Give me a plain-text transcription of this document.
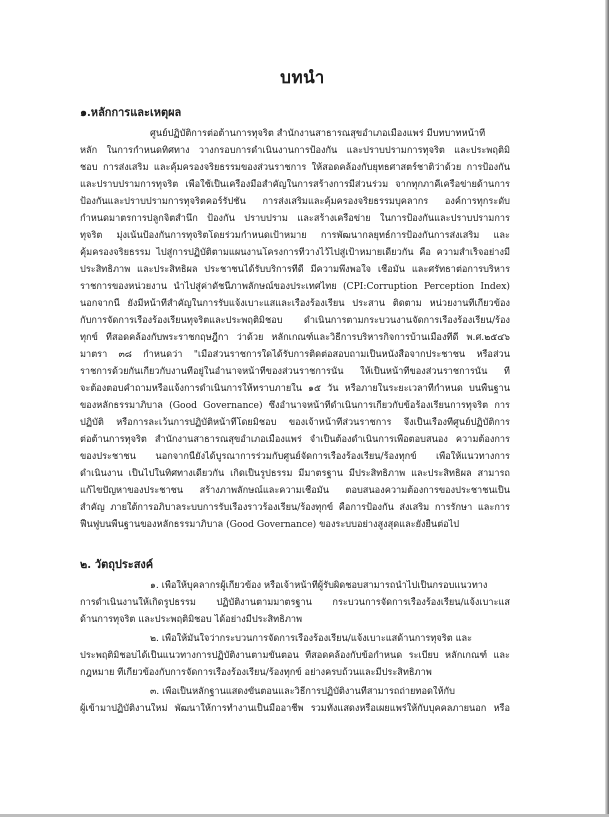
บทนำ
๑.หลักการและเหตุผล
ศูนย์ปฏิบัติการต่อต้านการทุจริต สำนักงานสาธารณสุขอำเภอเมืองแพร่ มีบทบาทหน้าที่
หลัก ในการกำหนดทิศทาง วางกรอบการดำเนินงานการป้องกัน และปราบปรามการทุจริต และประพฤติมิ
ชอบ การส่งเสริม และคุ้มครองจริยธรรมของส่วนราชการ ให้สอดคล้องกับยุทธศาสตร์ชาติว่าด้วย การป้องกัน
และปราบปรามการทุจริต เพื่อใช้เป็นเครื่องมือสำคัญในการสร้างการมีส่วนร่วม จากทุกภาคีเครือข่ายด้านการ
ป้องกันและปราบปรามการทุจริตคอร์รัปชั่น การส่งเสริมและคุ้มครองจริยธรรมบุคลากร องค์การทุกระดับ
กำหนดมาตรการปลูกจิตสำนึก ป้องกัน ปราบปราม และสร้างเครือข่าย ในการป้องกันและปราบปรามการ
ทุจริต มุ่งเน้นป้องกันการทุจริตโดยร่วมกำหนดเป้าหมาย การพัฒนากลยุทธ์การป้องกันการส่งเสริม และ
คุ้มครองจริยธรรม ไปสู่การปฏิบัติตามแผนงานโครงการที่วางไว้ไปสู่เป้าหมายเดียวกัน คือ ความสำเร็จอย่างมี
ประสิทธิภาพ และประสิทธิผล ประชาชนได้รับบริการที่ดี มีความพึงพอใจ เชื่อมั่น และศรัทธาต่อการบริหาร
ราชการของหน่วยงาน นำไปสู่ค่าดัชนีภาพลักษณ์ของประเทศไทย (CPI:Corruption Perception Index)
นอกจากนี้ ยังมีหน้าที่สำคัญในการรับแจ้งเบาะแสและเรื่องร้องเรียน ประสาน ติดตาม หน่วยงานที่เกี่ยวข้อง
กับการจัดการเรื่องร้องเรียนทุจริตและประพฤติมิชอบ ดำเนินการตามกระบวนงานจัดการเรื่องร้องเรียน/ร้อง
ทุกข์ ที่สอดคล้องกับพระราชกฤษฎีกา ว่าด้วย หลักเกณฑ์และวิธีการบริหารกิจการบ้านเมืองที่ดี พ.ศ.๒๕๔๖
มาตรา ๓๘ กำหนดว่า "เมื่อส่วนราชการใดได้รับการติดต่อสอบถามเป็นหนังสือจากประชาชน หรือส่วน
ราชการด้วยกันเกี่ยวกับงานที่อยู่ในอำนาจหน้าที่ของส่วนราชการนั้น ให้เป็นหน้าที่ของส่วนราชการนั้น ที่
จะต้องตอบคำถามหรือแจ้งการดำเนินการให้ทราบภายใน ๑๕ วัน หรือภายในระยะเวลาที่กำหนด บนพื้นฐาน
ของหลักธรรมาภิบาล (Good Governance) ซึ่งอำนาจหน้าที่ดำเนินการเกี่ยวกับข้อร้องเรียนการทุจริต การ
ปฏิบัติ หรือการละเว้นการปฏิบัติหน้าที่โดยมิชอบ ของเจ้าหน้าที่ส่วนราชการ จึงเป็นเรื่องที่ศูนย์ปฏิบัติการ
ต่อต้านการทุจริต สำนักงานสาธารณสุขอำเภอเมืองแพร่ จำเป็นต้องดำเนินการเพื่อตอบสนอง ความต้องการ
ของประชาชน นอกจากนี้ยังได้บูรณาการร่วมกับศูนย์จัดการเรื่องร้องเรียน/ร้องทุกข์ เพื่อให้แนวทางการ
ดำเนินงาน เป็นไปในทิศทางเดียวกัน เกิดเป็นรูปธรรม มีมาตรฐาน มีประสิทธิภาพ และประสิทธิผล สามารถ
แก้ไขปัญหาของประชาชน สร้างภาพลักษณ์และความเชื่อมั่น ตอบสนองความต้องการของประชาชนเป็น
สำคัญ ภายใต้การอภิบาลระบบการรับเรื่องราวร้องเรียน/ร้องทุกข์ คือการป้องกัน ส่งเสริม การรักษา และการ
ฟื้นฟูบนพื้นฐานของหลักธรรมาภิบาล (Good Governance) ของระบบอย่างสูงสุดและยั่งยืนต่อไป
๒. วัตถุประสงค์
๑. เพื่อให้บุคลากรผู้เกี่ยวข้อง หรือเจ้าหน้าที่ผู้รับผิดชอบสามารถนำไปเป็นกรอบแนวทาง
การดำเนินงานให้เกิดรูปธรรม ปฏิบัติงานตามมาตรฐาน กระบวนการจัดการเรื่องร้องเรียน/แจ้งเบาะแส
ด้านการทุจริต และประพฤติมิชอบ ได้อย่างมีประสิทธิภาพ
๒. เพื่อให้มั่นใจว่ากระบวนการจัดการเรื่องร้องเรียน/แจ้งเบาะแสด้านการทุจริต และ
ประพฤติมิชอบได้เป็นแนวทางการปฏิบัติงานตามขั้นตอน ที่สอดคล้องกับข้อกำหนด ระเบียบ หลักเกณฑ์ และ
กฎหมาย ที่เกี่ยวข้องกับการจัดการเรื่องร้องเรียน/ร้องทุกข์ อย่างครบถ้วนและมีประสิทธิภาพ
๓. เพื่อเป็นหลักฐานแสดงขั้นตอนและวิธีการปฏิบัติงานที่สามารถถ่ายทอดให้กับ
ผู้เข้ามาปฏิบัติงานใหม่ พัฒนาให้การทำงานเป็นมืออาชีพ รวมทั้งแสดงหรือเผยแพร่ให้กับบุคคลภายนอก หรือ
